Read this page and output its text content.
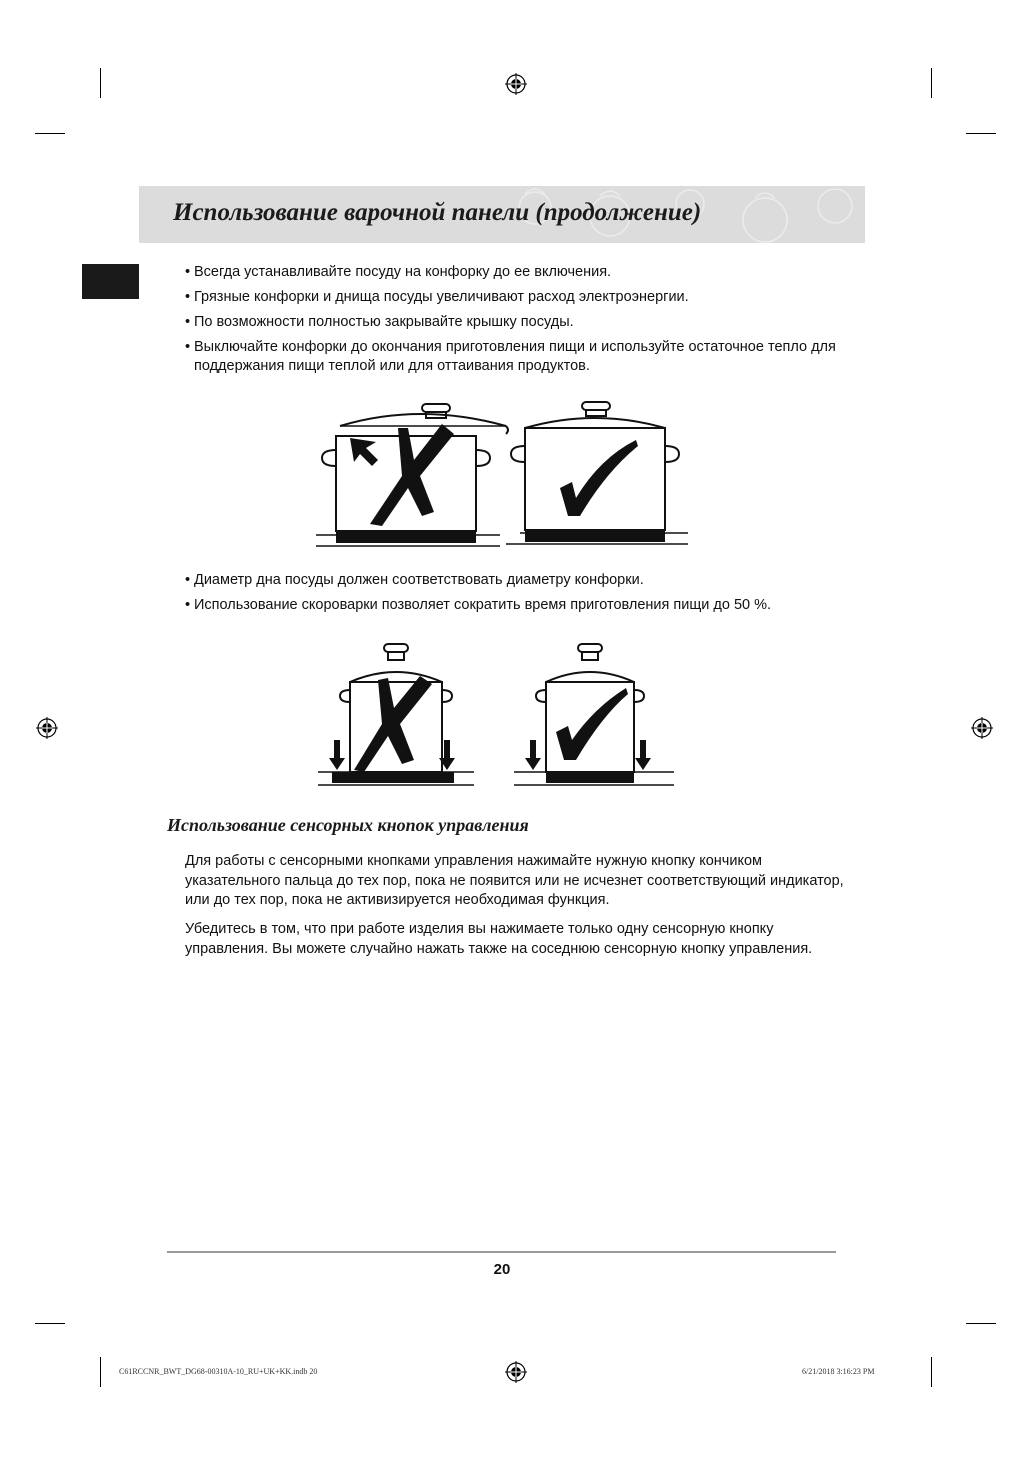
Использование варочной панели (продолжение)
• Всегда устанавливайте посуду на конфорку до ее включения.
• Грязные конфорки и днища посуды увеличивают расход электроэнергии.
• По возможности полностью закрывайте крышку посуды.
• Выключайте конфорки до окончания приготовления пищи и используйте остаточное тепло для поддержания пищи теплой или для оттаивания продуктов.
• Диаметр дна посуды должен соответствовать диаметру конфорки.
• Использование скороварки позволяет сократить время приготовления пищи до 50 %.
Использование сенсорных кнопок управления

Для работы с сенсорными кнопками управления нажимайте нужную кнопку кончиком указательного пальца до тех пор, пока не появится или не исчезнет соответствующий индикатор, или до тех пор, пока не активизируется необходимая функция.

Убедитесь в том, что при работе изделия вы нажимаете только одну сенсорную кнопку управления. Вы можете случайно нажать также на соседнюю сенсорную кнопку управления.

20
C61RCCNR_BWT_DG68-00310A-10_RU+UK+KK.indb 20	6/21/2018 3:16:23 PM
